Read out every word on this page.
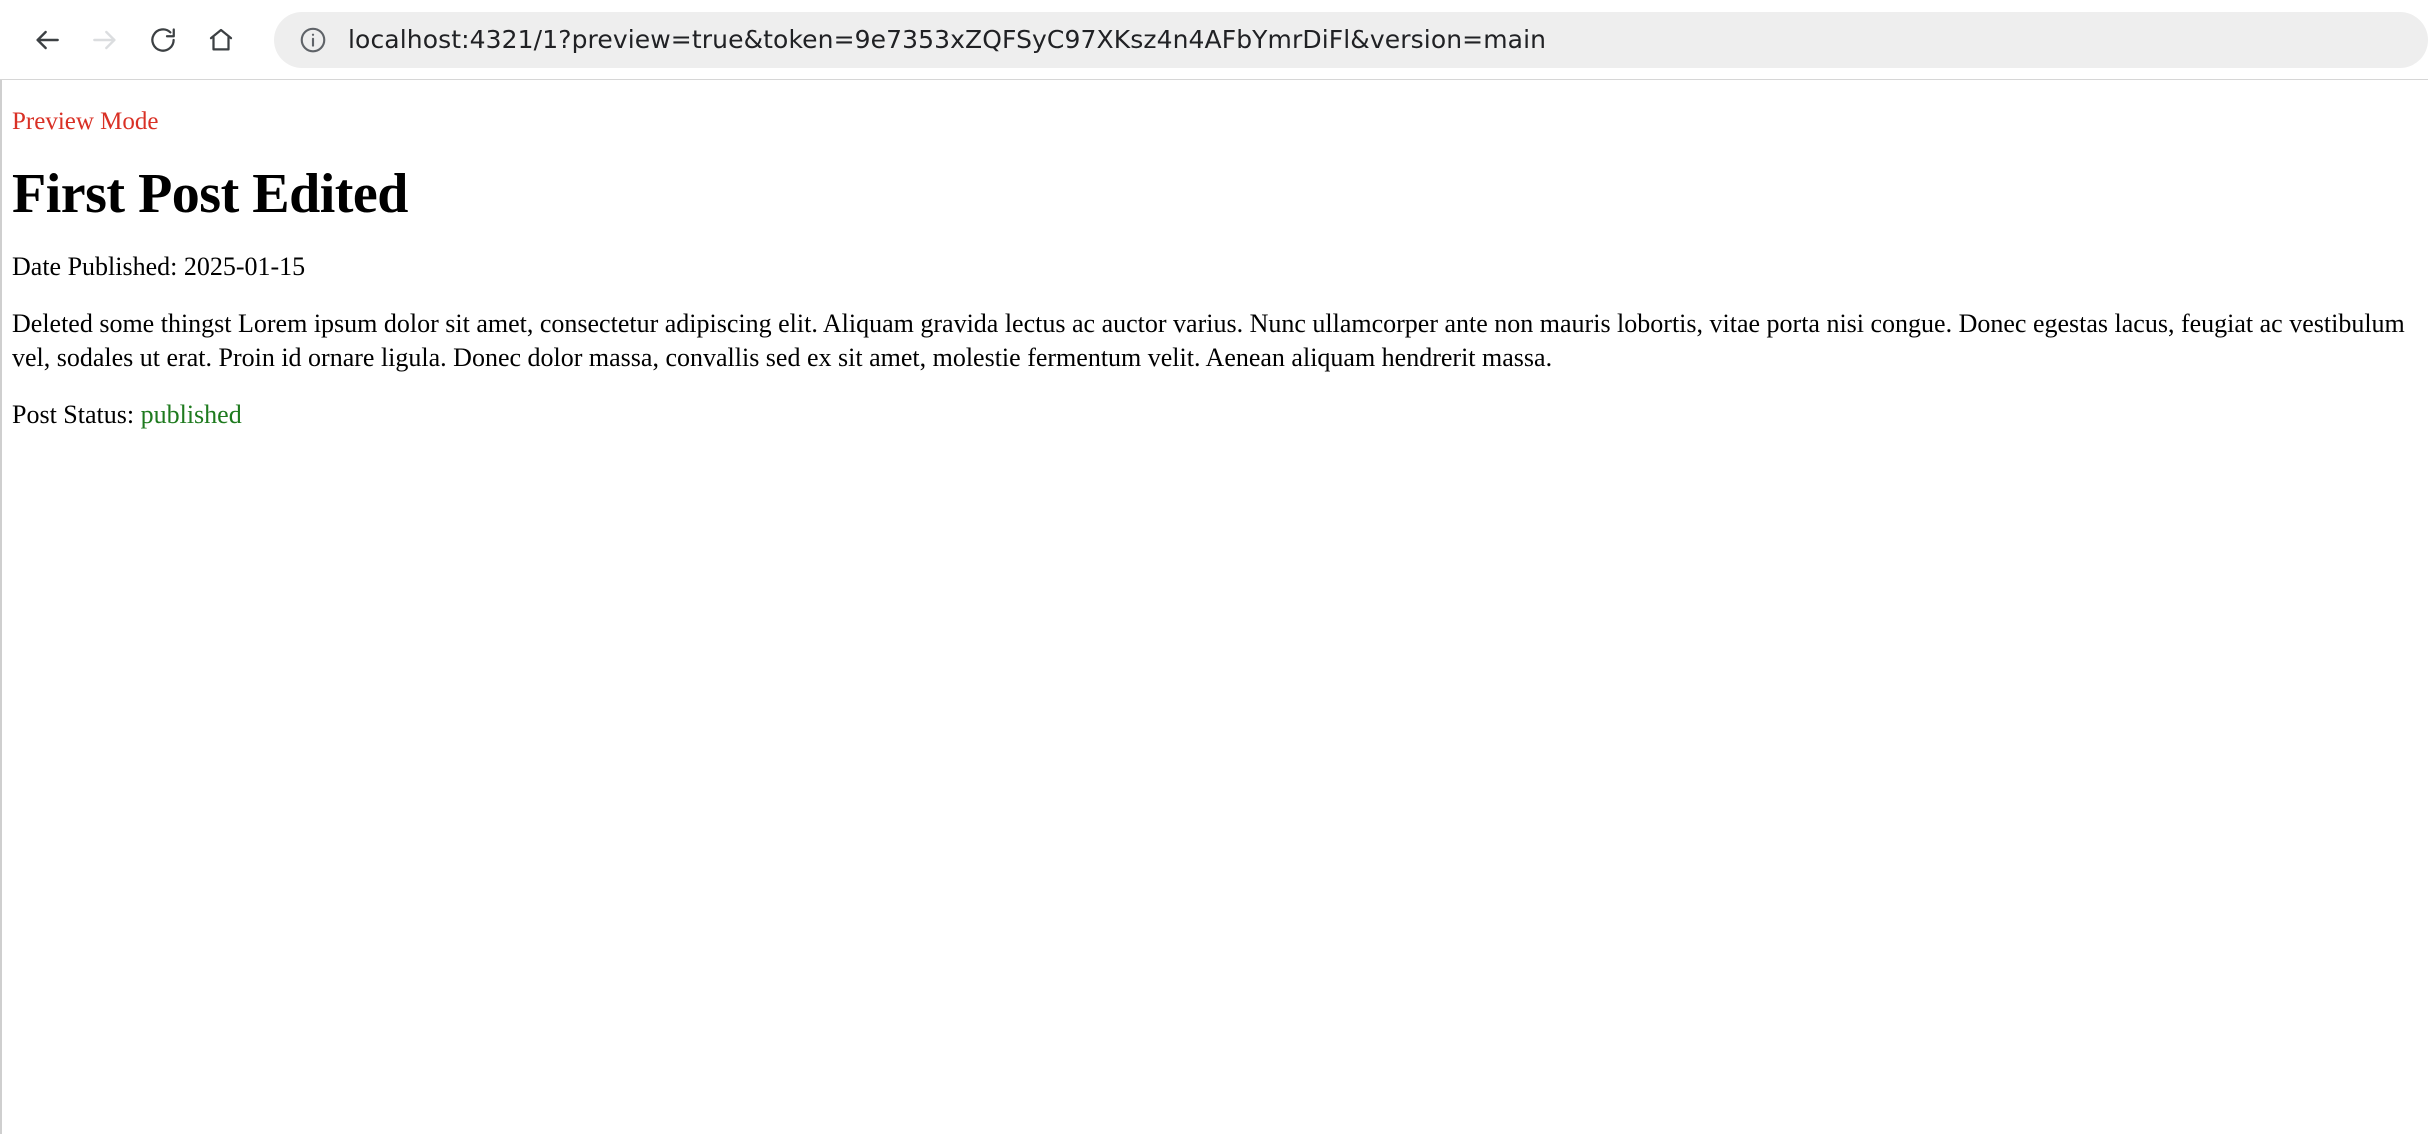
localhost:4321/1?preview=true&token=9e7353xZQFSyC97XKsz4n4AFbYmrDiFl&version=main
Preview Mode
First Post Edited

Date Published: 2025-01-15

Deleted some thingst Lorem ipsum dolor sit amet, consectetur adipiscing elit. Aliquam gravida lectus ac auctor varius. Nunc ullamcorper ante non mauris lobortis, vitae porta nisi congue. Donec egestas lacus, feugiat ac vestibulum vel, sodales ut erat. Proin id ornare ligula. Donec dolor massa, convallis sed ex sit amet, molestie fermentum velit. Aenean aliquam hendrerit massa.

Post Status: published
